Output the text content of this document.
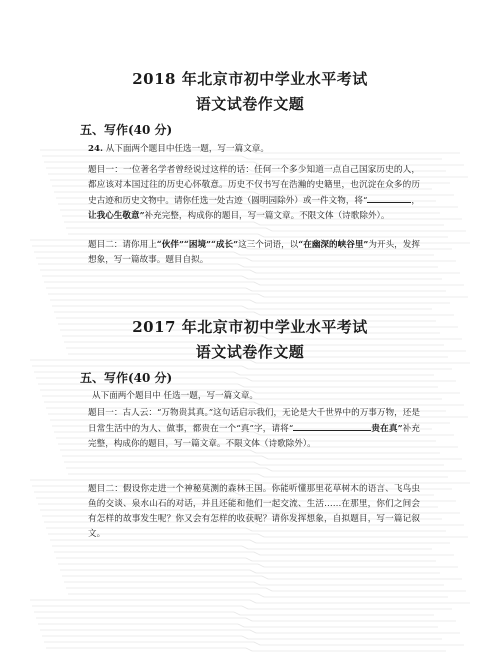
2018 年北京市初中学业水平考试
语文试卷作文题
五、写作(40 分)
24. 从下面两个题目中任选一题，写一篇文章。
题目一：一位著名学者曾经说过这样的话：任何一个多少知道一点自己国家历史的人，都应该对本国过往的历史心怀敬意。历史不仅书写在浩瀚的史籍里，也沉淀在众多的历史古迹和历史文物中。请你任选一处古迹（圆明园除外）或一件文物，将“	，让我心生敬意”补充完整，构成你的题目，写一篇文章。不限文体（诗歌除外）。
题目二：请你用上“伙伴”“困境”“成长”这三个词语，以“在幽深的峡谷里”为开头，发挥想象，写一篇故事。题目自拟。
2017 年北京市初中学业水平考试
语文试卷作文题
五、写作(40 分)
从下面两个题目中 任选一题，写一篇文章。
题目一：古人云：“万物贵其真。”这句话启示我们，无论是大千世界中的万事万物，还是日常生活中的为人、做事，都贵在一个“真”字，请将“	贵在真”补充完整，构成你的题目，写一篇文章。不限文体（诗歌除外）。
题目二：假设你走进一个神秘莫测的森林王国。你能听懂那里花草树木的语言、飞鸟虫鱼的交谈、泉水山石的对话，并且还能和他们一起交流、生活……在那里，你们之间会有怎样的故事发生呢？你又会有怎样的收获呢？请你发挥想象，自拟题目，写一篇记叙文。
